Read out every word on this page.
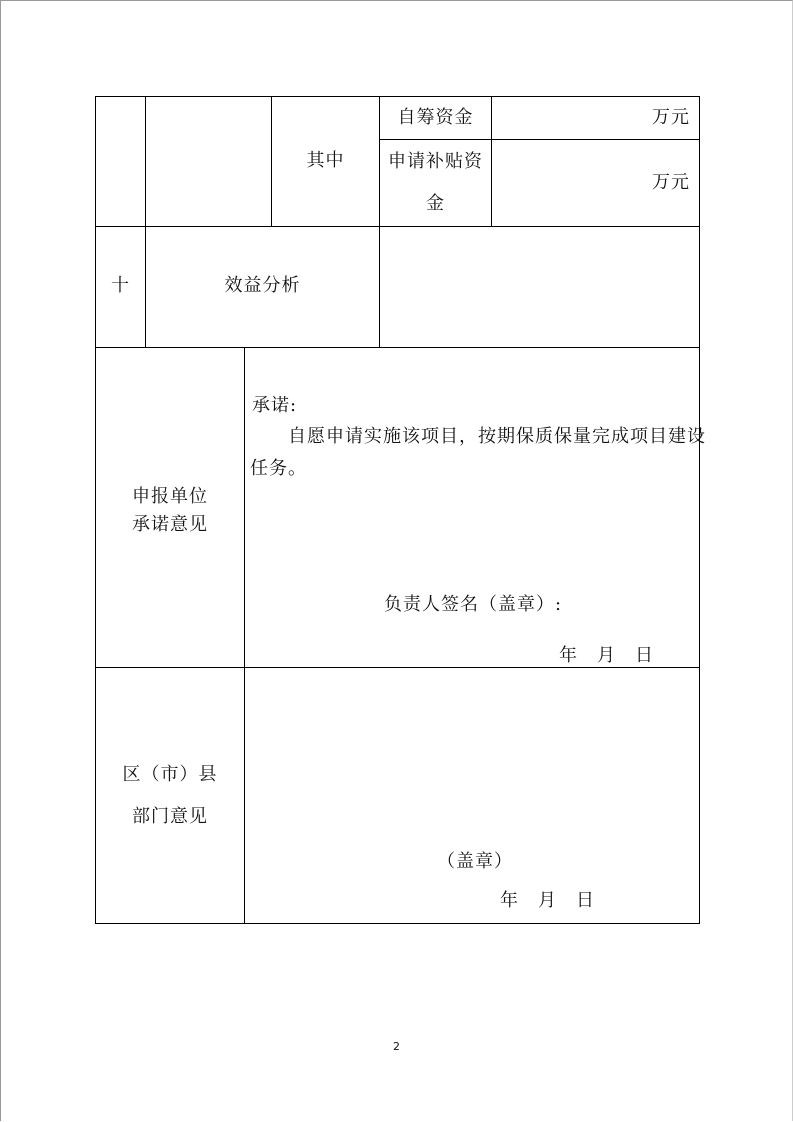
其中
自筹资金	万元
申请补贴资
金
万元
十	效益分析
申报单位
承诺意见
承诺:
自愿申请实施该项目，按期保质保量完成项目建设
任务。
负责人签名（盖章）:
年　月　日
区（市）县
部门意见
（盖章）
年　月　日
2
